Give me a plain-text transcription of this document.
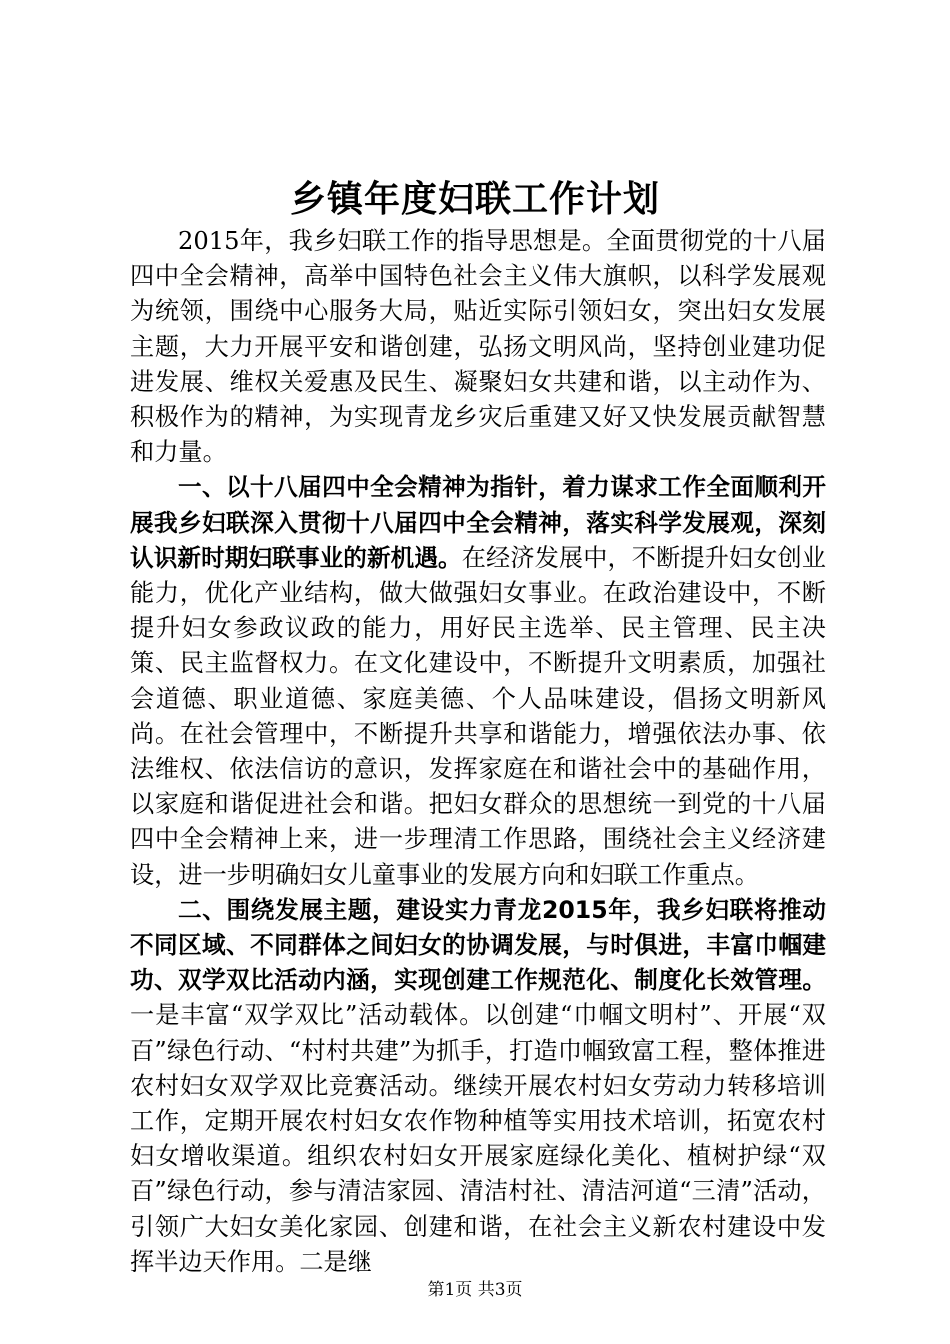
乡镇年度妇联工作计划

2015年，我乡妇联工作的指导思想是。全面贯彻党的十八届四中全会精神，高举中国特色社会主义伟大旗帜，以科学发展观为统领，围绕中心服务大局，贴近实际引领妇女，突出妇女发展主题，大力开展平安和谐创建，弘扬文明风尚，坚持创业建功促进发展、维权关爱惠及民生、凝聚妇女共建和谐，以主动作为、积极作为的精神，为实现青龙乡灾后重建又好又快发展贡献智慧和力量。

一、以十八届四中全会精神为指针，着力谋求工作全面顺利开展我乡妇联深入贯彻十八届四中全会精神，落实科学发展观，深刻认识新时期妇联事业的新机遇。在经济发展中，不断提升妇女创业能力，优化产业结构，做大做强妇女事业。在政治建设中，不断提升妇女参政议政的能力，用好民主选举、民主管理、民主决策、民主监督权力。在文化建设中，不断提升文明素质，加强社会道德、职业道德、家庭美德、个人品味建设，倡扬文明新风尚。在社会管理中，不断提升共享和谐能力，增强依法办事、依法维权、依法信访的意识，发挥家庭在和谐社会中的基础作用，以家庭和谐促进社会和谐。把妇女群众的思想统一到党的十八届四中全会精神上来，进一步理清工作思路，围绕社会主义经济建设，进一步明确妇女儿童事业的发展方向和妇联工作重点。

二、围绕发展主题，建设实力青龙2015年，我乡妇联将推动不同区域、不同群体之间妇女的协调发展，与时俱进，丰富巾帼建功、双学双比活动内涵，实现创建工作规范化、制度化长效管理。一是丰富“双学双比”活动载体。以创建“巾帼文明村”、开展“双百”绿色行动、“村村共建”为抓手，打造巾帼致富工程，整体推进农村妇女双学双比竞赛活动。继续开展农村妇女劳动力转移培训工作，定期开展农村妇女农作物种植等实用技术培训，拓宽农村妇女增收渠道。组织农村妇女开展家庭绿化美化、植树护绿“双百”绿色行动，参与清洁家园、清洁村社、清洁河道“三清”活动，引领广大妇女美化家园、创建和谐，在社会主义新农村建设中发挥半边天作用。二是继

第1页 共3页
